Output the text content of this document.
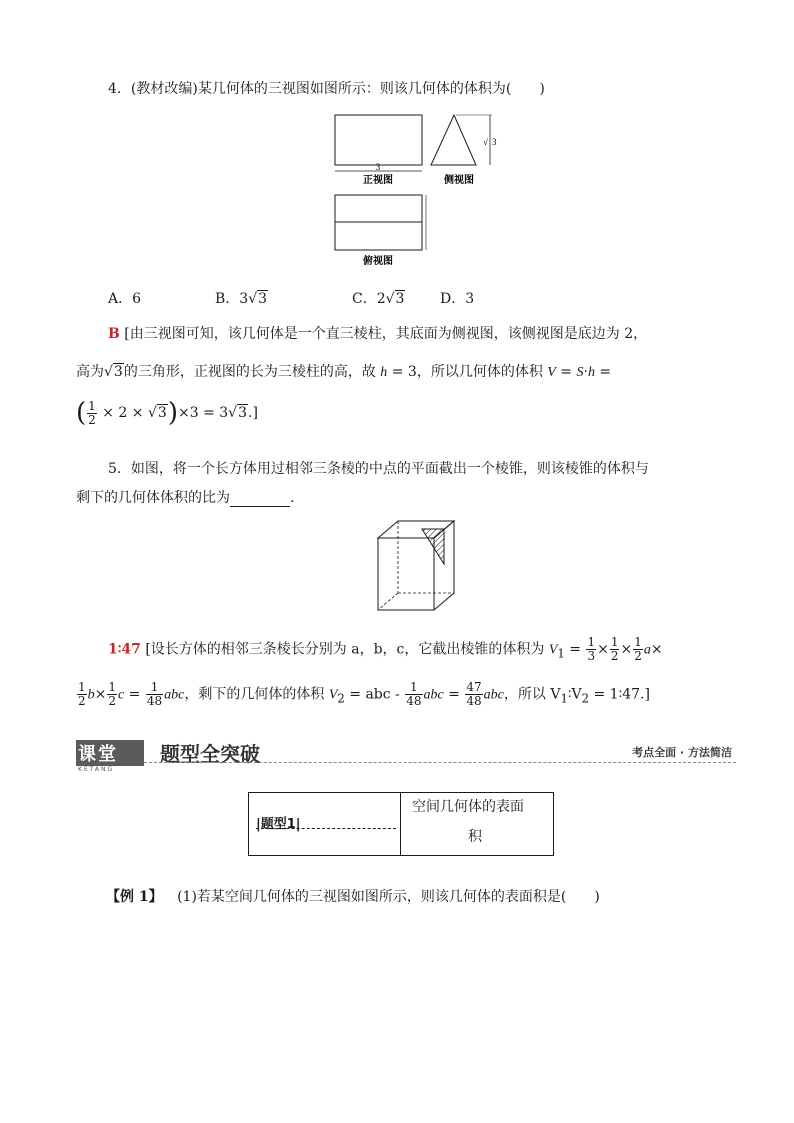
4．(教材改编)某几何体的三视图如图所示：则该几何体的体积为(　　)
3
正视图
√ 3
侧视图
俯视图
A．6	B．3√3	C．2√3	D．3
B [由三视图可知，该几何体是一个直三棱柱，其底面为侧视图，该侧视图是底边为 2，
高为√3的三角形，正视图的长为三棱柱的高，故 h = 3，所以几何体的体积 V = S·h =
( $\frac{1}{2} \times 2 \times √3)\times 3 = 3√3$.]
5．如图，将一个长方体用过相邻三条棱的中点的平面截出一个棱锥，则该棱锥的体积与
剩下的几何体体积的比为	.
1∶47 [设长方体的相邻三条棱长分别为 a，b，c，它截出棱锥的体积为 $V_1 = \frac{1}{3} \times \frac{1}{2} \times \frac{1}{2} a\times$
$\frac{1}{2} b\times \frac{1}{2}$ $c = \frac{1}{48}$ abc，剩下的几何体的体积 $V_2$ = abc - $\frac{1}{48}$ abc = $\frac{47}{48}$ abc，所以 $V_1∶V_2$ = 1∶47.]
课堂
KETANG
题型全突破	考点全面 · 方法简洁
|题型1|
空间几何体的表面
积
【例 1】 (1)若某空间几何体的三视图如图所示，则该几何体的表面积是(　　)
